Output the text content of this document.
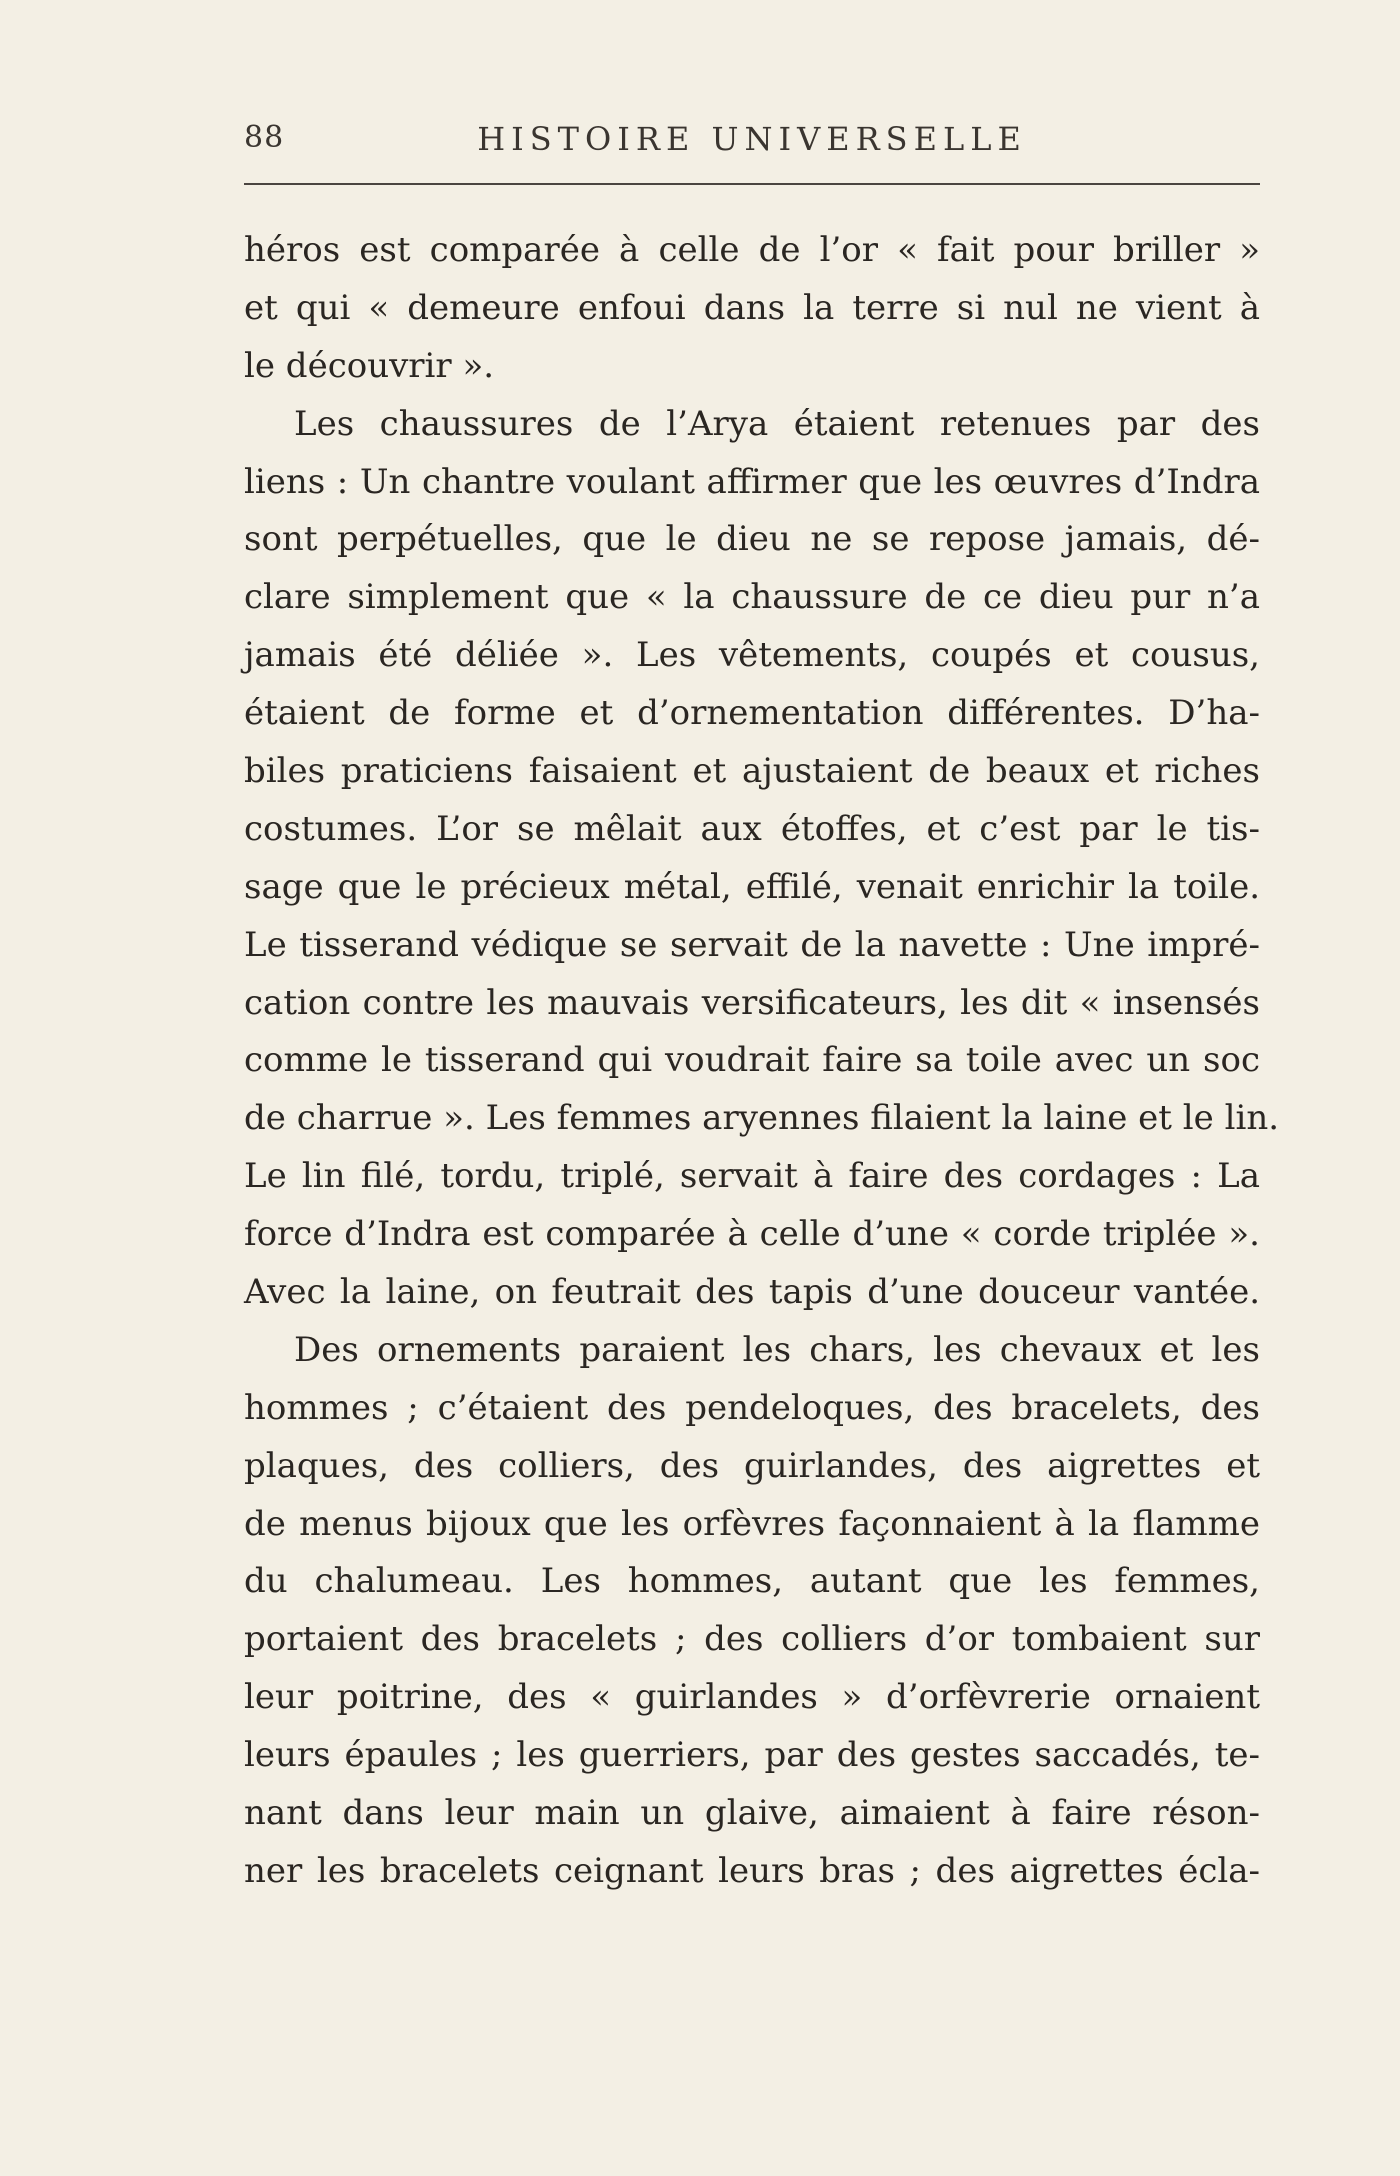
88	HISTOIRE UNIVERSELLE
héros est comparée à celle de l’or « fait pour briller »
et qui « demeure enfoui dans la terre si nul ne vient à
le découvrir ».
Les chaussures de l’Arya étaient retenues par des
liens : Un chantre voulant affirmer que les œuvres d’Indra
sont perpétuelles, que le dieu ne se repose jamais, dé-
clare simplement que « la chaussure de ce dieu pur n’a
jamais été déliée ». Les vêtements, coupés et cousus,
étaient de forme et d’ornementation différentes. D’ha-
biles praticiens faisaient et ajustaient de beaux et riches
costumes. L’or se mêlait aux étoffes, et c’est par le tis-
sage que le précieux métal, effilé, venait enrichir la toile.
Le tisserand védique se servait de la navette : Une impré-
cation contre les mauvais versificateurs, les dit « insensés
comme le tisserand qui voudrait faire sa toile avec un soc
de charrue ». Les femmes aryennes filaient la laine et le lin.
Le lin filé, tordu, triplé, servait à faire des cordages : La
force d’Indra est comparée à celle d’une « corde triplée ».
Avec la laine, on feutrait des tapis d’une douceur vantée.
Des ornements paraient les chars, les chevaux et les
hommes ; c’étaient des pendeloques, des bracelets, des
plaques, des colliers, des guirlandes, des aigrettes et
de menus bijoux que les orfèvres façonnaient à la flamme
du chalumeau. Les hommes, autant que les femmes,
portaient des bracelets ; des colliers d’or tombaient sur
leur poitrine, des « guirlandes » d’orfèvrerie ornaient
leurs épaules ; les guerriers, par des gestes saccadés, te-
nant dans leur main un glaive, aimaient à faire réson-
ner les bracelets ceignant leurs bras ; des aigrettes écla-
